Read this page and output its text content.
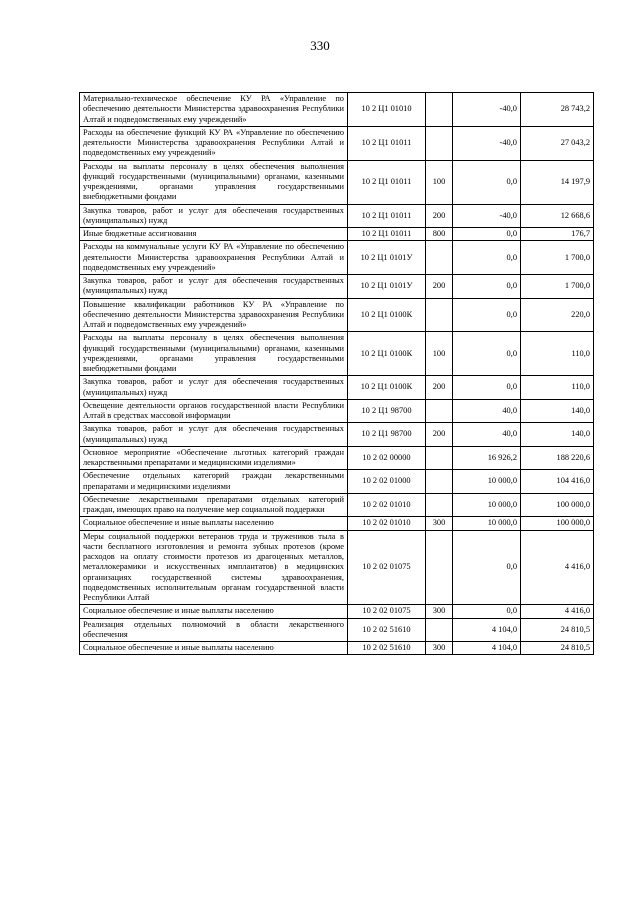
330
Материально-техническое обеспечение КУ РА «Управление по обеспечению деятельности Министерства здравоохранения Республики Алтай и подведомственных ему учреждений»	10 2 Ц1 01010		-40,0	28 743,2
Расходы на обеспечение функций КУ РА «Управление по обеспечению деятельности Министерства здравоохранения Республики Алтай и подведомственных ему учреждений»	10 2 Ц1 01011		-40,0	27 043,2
Расходы на выплаты персоналу в целях обеспечения выполнения функций государственными (муниципальными) органами, казенными учреждениями, органами управления государственными внебюджетными фондами	10 2 Ц1 01011	100	0,0	14 197,9
Закупка товаров, работ и услуг для обеспечения государственных (муниципальных) нужд	10 2 Ц1 01011	200	-40,0	12 668,6
Иные бюджетные ассигнования	10 2 Ц1 01011	800	0,0	176,7
Расходы на коммунальные услуги КУ РА «Управление по обеспечению деятельности Министерства здравоохранения Республики Алтай и подведомственных ему учреждений»	10 2 Ц1 0101У		0,0	1 700,0
Закупка товаров, работ и услуг для обеспечения государственных (муниципальных) нужд	10 2 Ц1 0101У	200	0,0	1 700,0
Повышение квалификации работников КУ РА «Управление по обеспечению деятельности Министерства здравоохранения Республики Алтай и подведомственных ему учреждений»	10 2 Ц1 0100К		0,0	220,0
Расходы на выплаты персоналу в целях обеспечения выполнения функций государственными (муниципальными) органами, казенными учреждениями, органами управления государственными внебюджетными фондами	10 2 Ц1 0100К	100	0,0	110,0
Закупка товаров, работ и услуг для обеспечения государственных (муниципальных) нужд	10 2 Ц1 0100К	200	0,0	110,0
Освещение деятельности органов государственной власти Республики Алтай в средствах массовой информации	10 2 Ц1 98700		40,0	140,0
Закупка товаров, работ и услуг для обеспечения государственных (муниципальных) нужд	10 2 Ц1 98700	200	40,0	140,0
Основное мероприятие «Обеспечение льготных категорий граждан лекарственными препаратами и медицинскими изделиями»	10 2 02 00000		16 926,2	188 220,6
Обеспечение отдельных категорий граждан лекарственными препаратами и медицинскими изделиями	10 2 02 01000		10 000,0	104 416,0
Обеспечение лекарственными препаратами отдельных категорий граждан, имеющих право на получение мер социальной поддержки	10 2 02 01010		10 000,0	100 000,0
Социальное обеспечение и иные выплаты населению	10 2 02 01010	300	10 000,0	100 000,0
Меры социальной поддержки ветеранов труда и тружеников тыла в части бесплатного изготовления и ремонта зубных протезов (кроме расходов на оплату стоимости протезов из драгоценных металлов, металлокерамики и искусственных имплантатов) в медицинских организациях государственной системы здравоохранения, подведомственных исполнительным органам государственной власти Республики Алтай	10 2 02 01075		0,0	4 416,0
Социальное обеспечение и иные выплаты населению	10 2 02 01075	300	0,0	4 416,0
Реализация отдельных полномочий в области лекарственного обеспечения	10 2 02 51610		4 104,0	24 810,5
Социальное обеспечение и иные выплаты населению	10 2 02 51610	300	4 104,0	24 810,5
